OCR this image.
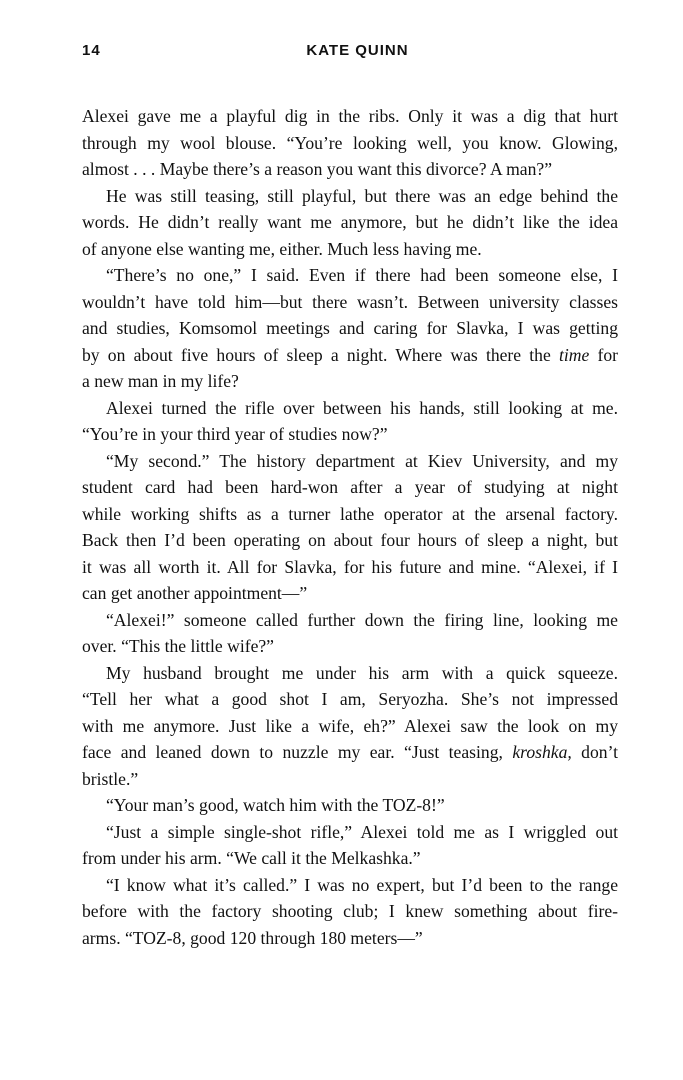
14	KATE QUINN
Alexei gave me a playful dig in the ribs. Only it was a dig that hurt
through my wool blouse. “You’re looking well, you know. Glowing,
almost . . . Maybe there’s a reason you want this divorce? A man?”
He was still teasing, still playful, but there was an edge behind the
words. He didn’t really want me anymore, but he didn’t like the idea
of anyone else wanting me, either. Much less having me.
“There’s no one,” I said. Even if there had been someone else, I
wouldn’t have told him—but there wasn’t. Between university classes
and studies, Komsomol meetings and caring for Slavka, I was getting
by on about five hours of sleep a night. Where was there the time for
a new man in my life?
Alexei turned the rifle over between his hands, still looking at me.
“You’re in your third year of studies now?”
“My second.” The history department at Kiev University, and my
student card had been hard-won after a year of studying at night
while working shifts as a turner lathe operator at the arsenal factory.
Back then I’d been operating on about four hours of sleep a night, but
it was all worth it. All for Slavka, for his future and mine. “Alexei, if I
can get another appointment—”
“Alexei!” someone called further down the firing line, looking me
over. “This the little wife?”
My husband brought me under his arm with a quick squeeze.
“Tell her what a good shot I am, Seryozha. She’s not impressed
with me anymore. Just like a wife, eh?” Alexei saw the look on my
face and leaned down to nuzzle my ear. “Just teasing, kroshka, don’t
bristle.”
“Your man’s good, watch him with the TOZ-8!”
“Just a simple single-shot rifle,” Alexei told me as I wriggled out
from under his arm. “We call it the Melkashka.”
“I know what it’s called.” I was no expert, but I’d been to the range
before with the factory shooting club; I knew something about fire-
arms. “TOZ-8, good 120 through 180 meters—”
